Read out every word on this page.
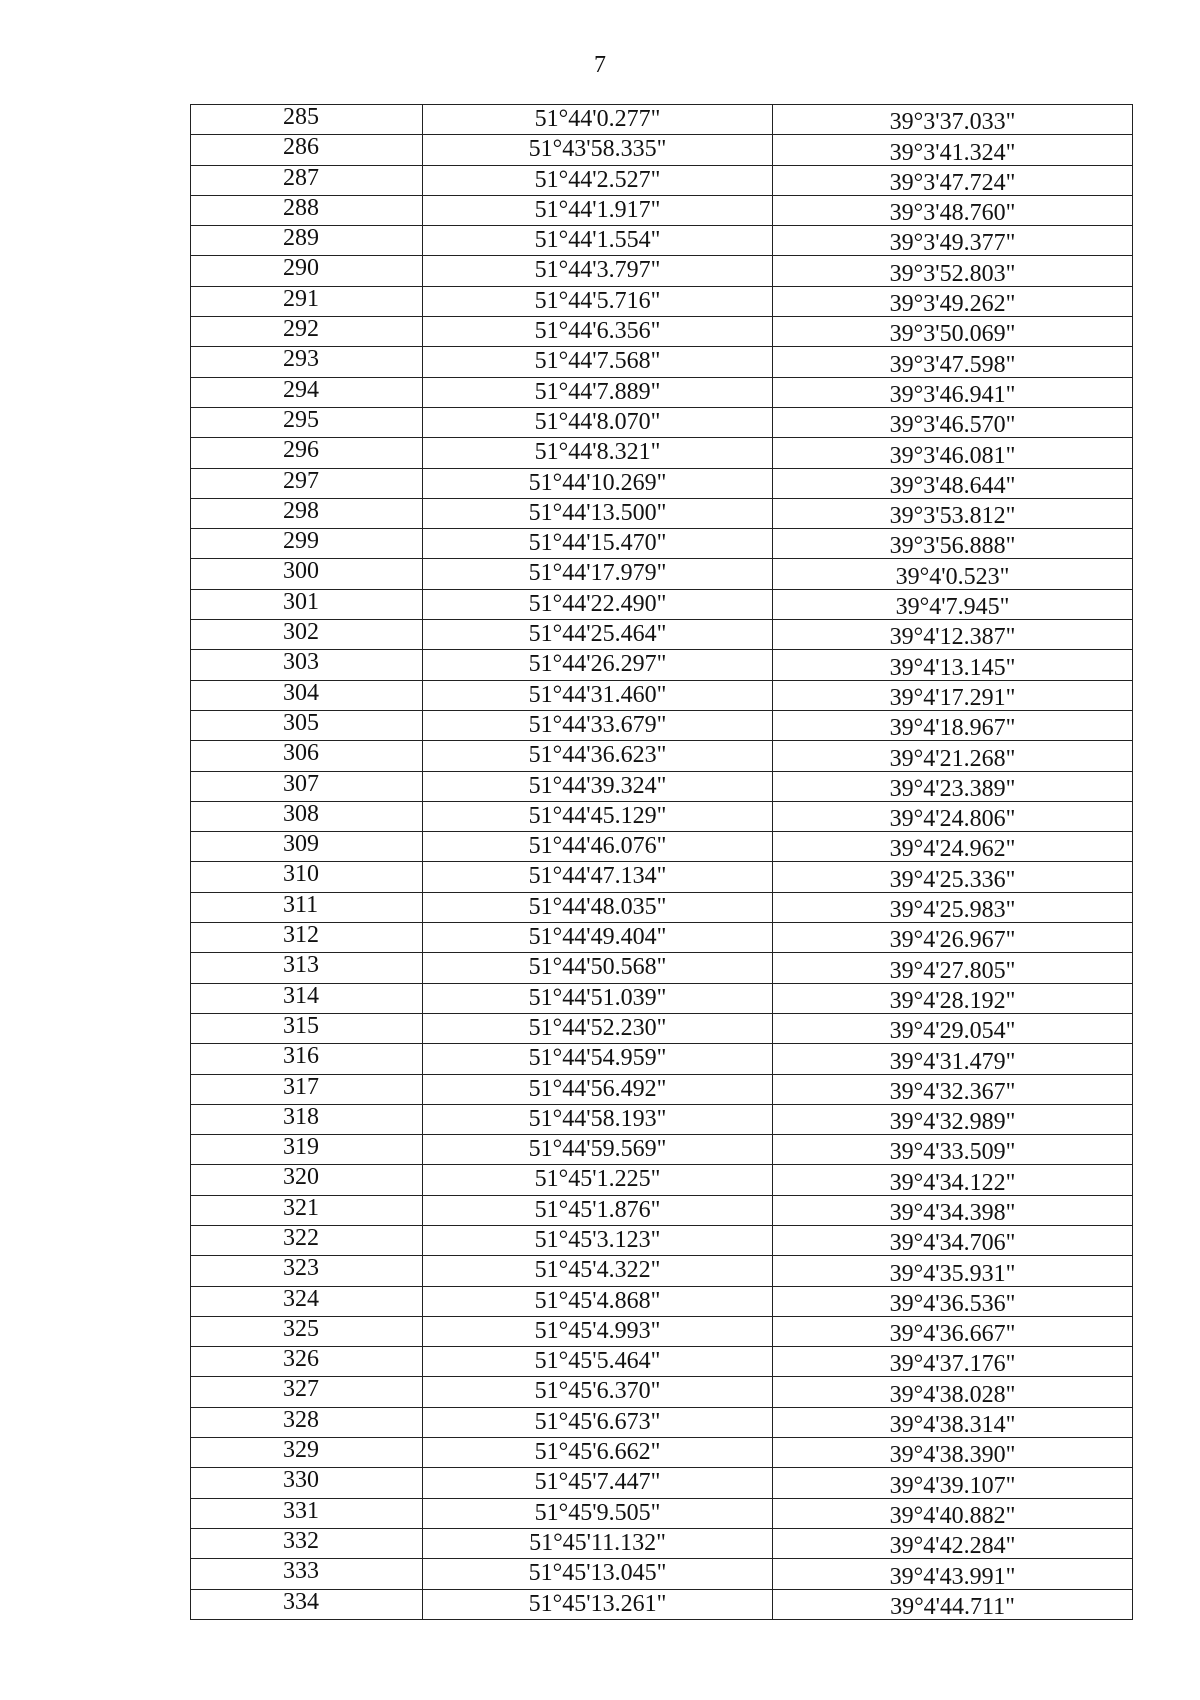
7
285	51°44'0.277"	39°3'37.033"
286	51°43'58.335"	39°3'41.324"
287	51°44'2.527"	39°3'47.724"
288	51°44'1.917"	39°3'48.760"
289	51°44'1.554"	39°3'49.377"
290	51°44'3.797"	39°3'52.803"
291	51°44'5.716"	39°3'49.262"
292	51°44'6.356"	39°3'50.069"
293	51°44'7.568"	39°3'47.598"
294	51°44'7.889"	39°3'46.941"
295	51°44'8.070"	39°3'46.570"
296	51°44'8.321"	39°3'46.081"
297	51°44'10.269"	39°3'48.644"
298	51°44'13.500"	39°3'53.812"
299	51°44'15.470"	39°3'56.888"
300	51°44'17.979"	39°4'0.523"
301	51°44'22.490"	39°4'7.945"
302	51°44'25.464"	39°4'12.387"
303	51°44'26.297"	39°4'13.145"
304	51°44'31.460"	39°4'17.291"
305	51°44'33.679"	39°4'18.967"
306	51°44'36.623"	39°4'21.268"
307	51°44'39.324"	39°4'23.389"
308	51°44'45.129"	39°4'24.806"
309	51°44'46.076"	39°4'24.962"
310	51°44'47.134"	39°4'25.336"
311	51°44'48.035"	39°4'25.983"
312	51°44'49.404"	39°4'26.967"
313	51°44'50.568"	39°4'27.805"
314	51°44'51.039"	39°4'28.192"
315	51°44'52.230"	39°4'29.054"
316	51°44'54.959"	39°4'31.479"
317	51°44'56.492"	39°4'32.367"
318	51°44'58.193"	39°4'32.989"
319	51°44'59.569"	39°4'33.509"
320	51°45'1.225"	39°4'34.122"
321	51°45'1.876"	39°4'34.398"
322	51°45'3.123"	39°4'34.706"
323	51°45'4.322"	39°4'35.931"
324	51°45'4.868"	39°4'36.536"
325	51°45'4.993"	39°4'36.667"
326	51°45'5.464"	39°4'37.176"
327	51°45'6.370"	39°4'38.028"
328	51°45'6.673"	39°4'38.314"
329	51°45'6.662"	39°4'38.390"
330	51°45'7.447"	39°4'39.107"
331	51°45'9.505"	39°4'40.882"
332	51°45'11.132"	39°4'42.284"
333	51°45'13.045"	39°4'43.991"
334	51°45'13.261"	39°4'44.711"
